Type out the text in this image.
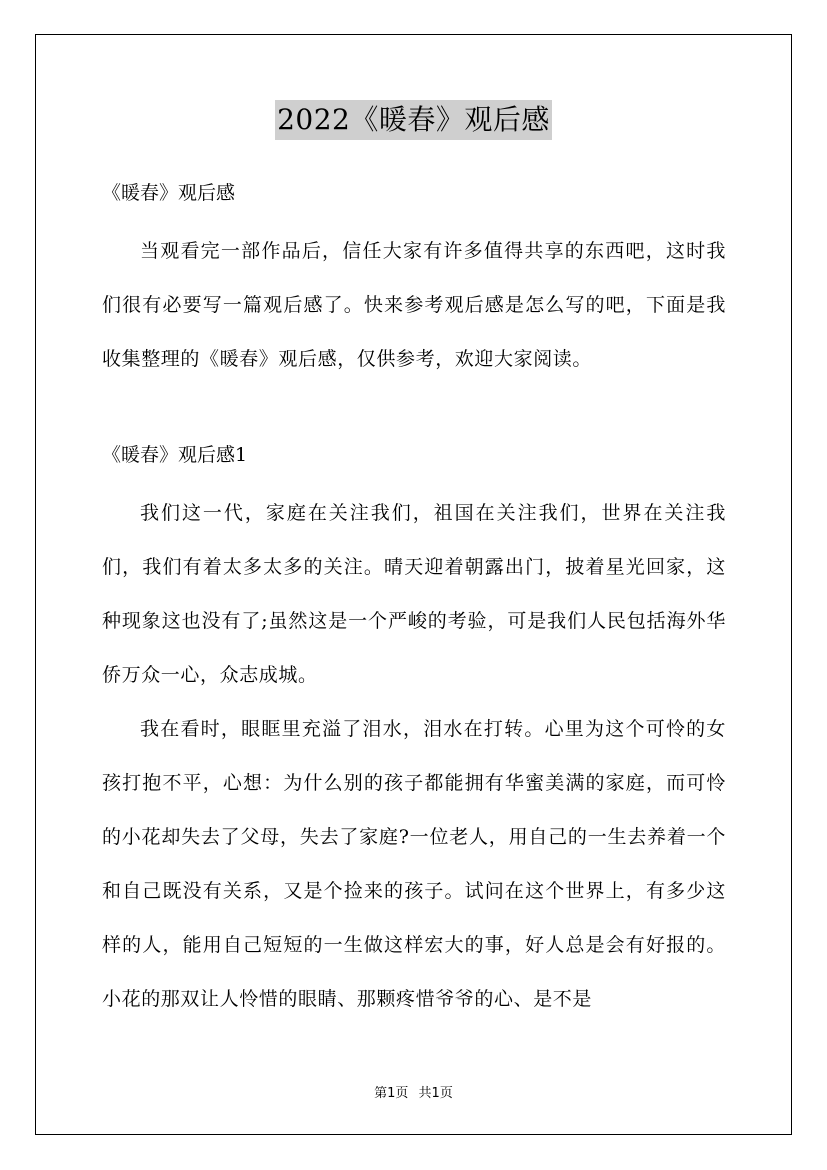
2022《暖春》观后感

《暖春》观后感

当观看完一部作品后，信任大家有许多值得共享的东西吧，这时我们很有必要写一篇观后感了。快来参考观后感是怎么写的吧，下面是我收集整理的《暖春》观后感，仅供参考，欢迎大家阅读。

《暖春》观后感1

我们这一代，家庭在关注我们，祖国在关注我们，世界在关注我们，我们有着太多太多的关注。晴天迎着朝露出门，披着星光回家，这种现象这也没有了;虽然这是一个严峻的考验，可是我们人民包括海外华侨万众一心，众志成城。

我在看时，眼眶里充溢了泪水，泪水在打转。心里为这个可怜的女孩打抱不平，心想：为什么别的孩子都能拥有华蜜美满的家庭，而可怜的小花却失去了父母，失去了家庭?一位老人，用自己的一生去养着一个和自己既没有关系，又是个捡来的孩子。试问在这个世界上，有多少这样的人，能用自己短短的一生做这样宏大的事，好人总是会有好报的。小花的那双让人怜惜的眼睛、那颗疼惜爷爷的心、是不是

第1页 共1页
